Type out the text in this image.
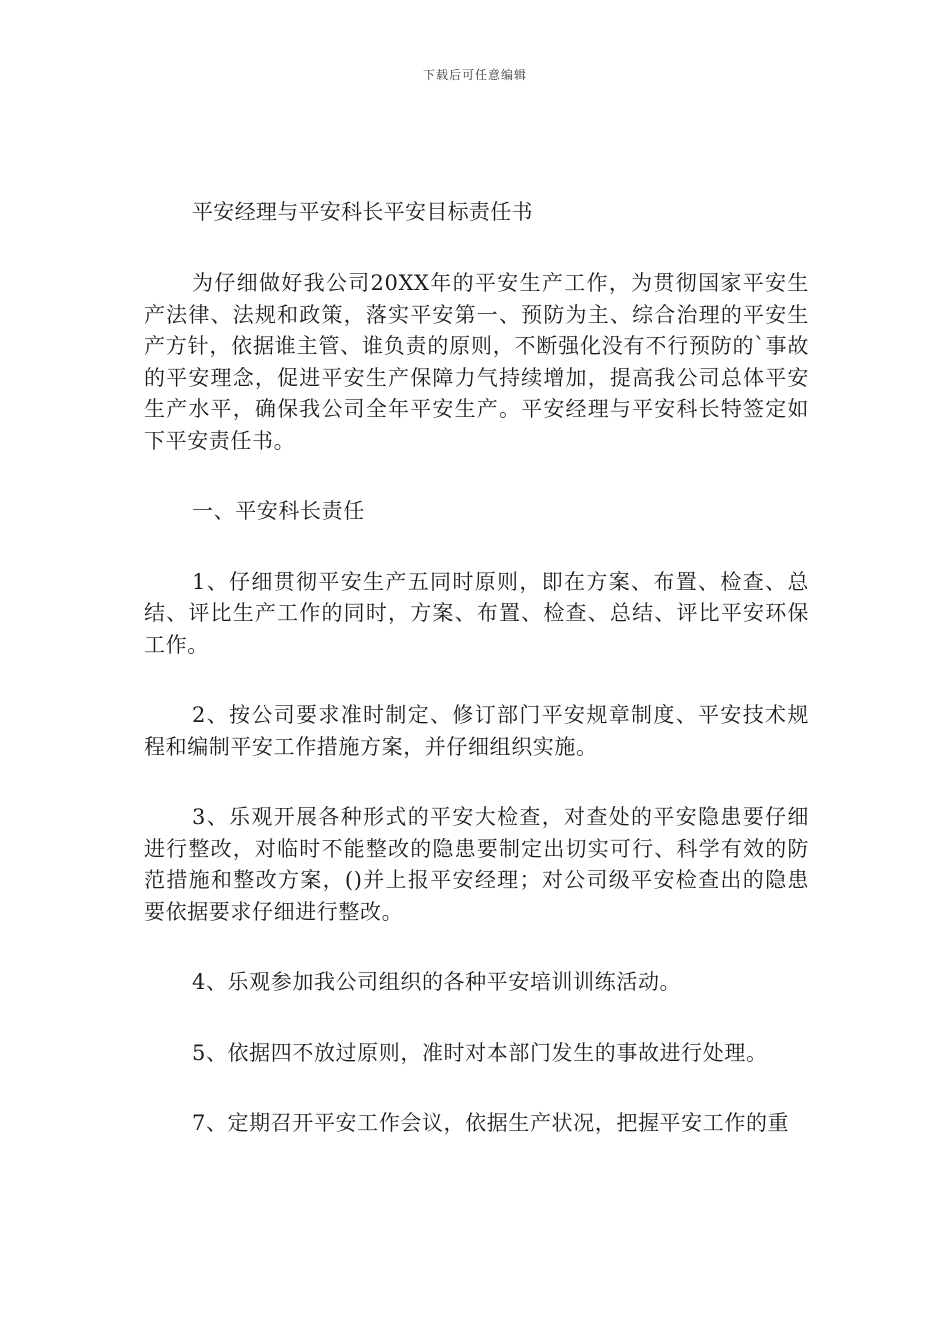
下载后可任意编辑

平安经理与平安科长平安目标责任书

为仔细做好我公司20XX年的平安生产工作，为贯彻国家平安生产法律、法规和政策，落实平安第一、预防为主、综合治理的平安生产方针，依据谁主管、谁负责的原则，不断强化没有不行预防的`事故的平安理念，促进平安生产保障力气持续增加，提高我公司总体平安生产水平，确保我公司全年平安生产。平安经理与平安科长特签定如下平安责任书。

一、平安科长责任

1、仔细贯彻平安生产五同时原则，即在方案、布置、检查、总结、评比生产工作的同时，方案、布置、检查、总结、评比平安环保工作。

2、按公司要求准时制定、修订部门平安规章制度、平安技术规程和编制平安工作措施方案，并仔细组织实施。

3、乐观开展各种形式的平安大检查，对查处的平安隐患要仔细进行整改，对临时不能整改的隐患要制定出切实可行、科学有效的防范措施和整改方案，()并上报平安经理；对公司级平安检查出的隐患要依据要求仔细进行整改。

4、乐观参加我公司组织的各种平安培训训练活动。

5、依据四不放过原则，准时对本部门发生的事故进行处理。

7、定期召开平安工作会议，依据生产状况，把握平安工作的重
